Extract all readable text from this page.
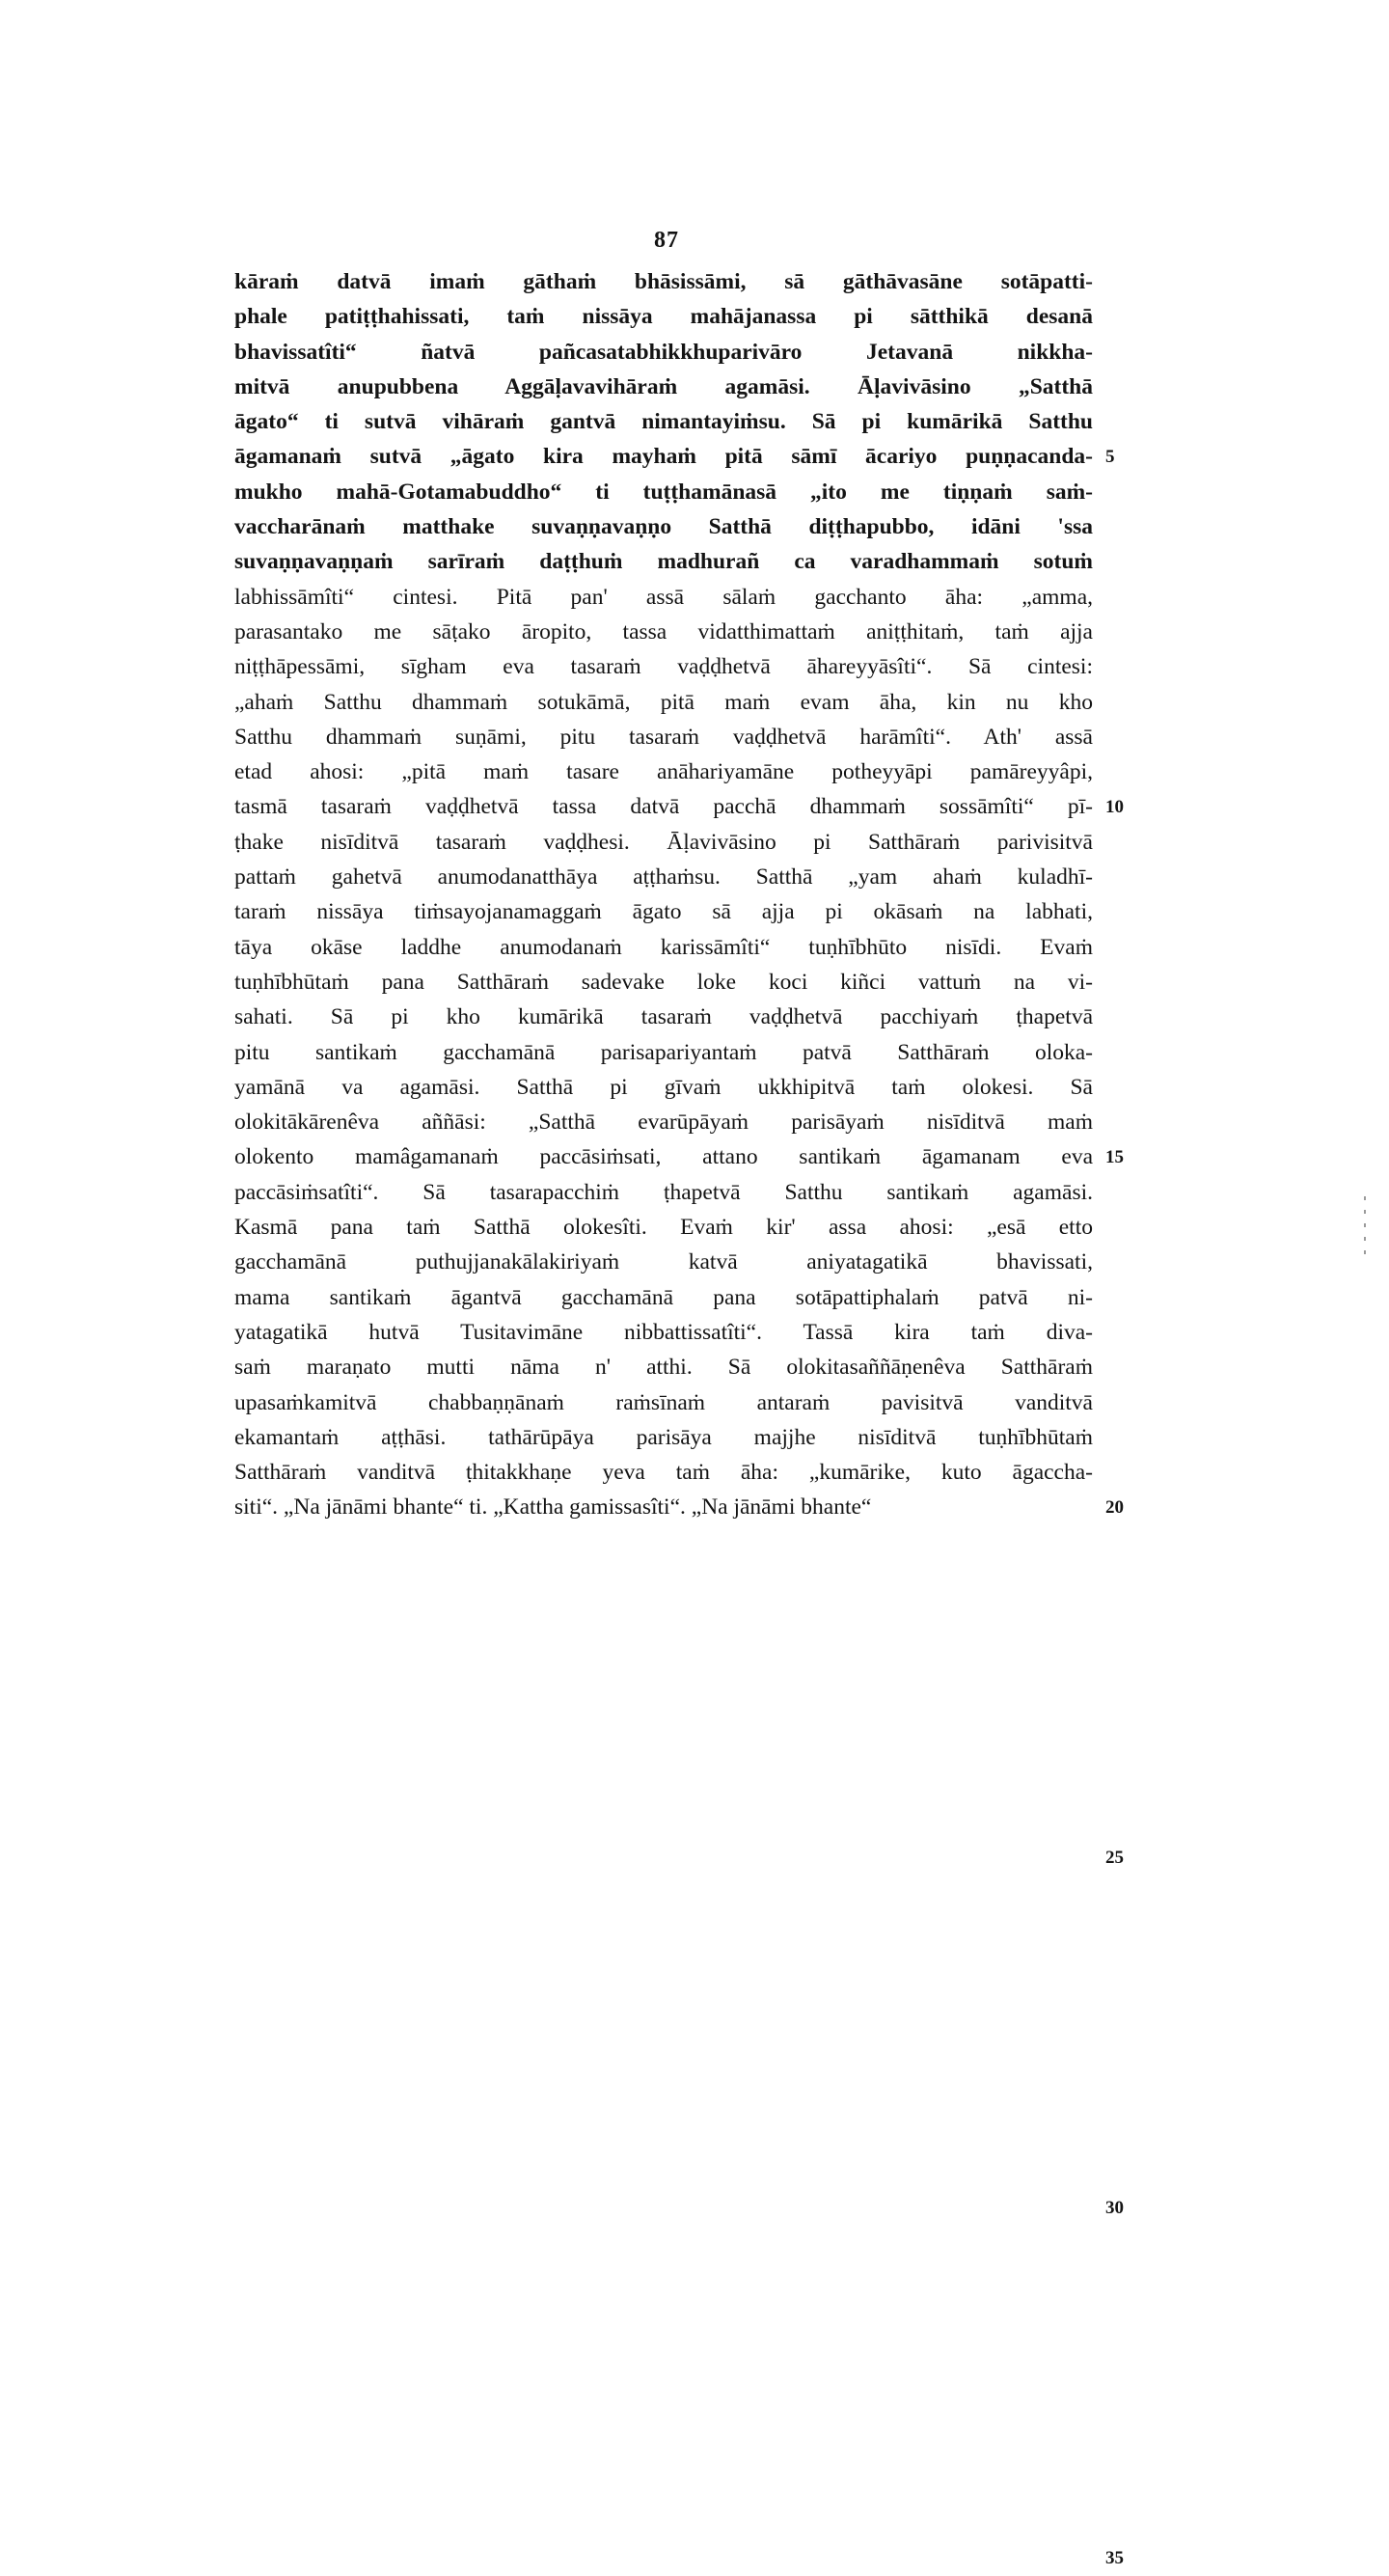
87
kāraṁ datvā imaṁ gāthaṁ bhāsissāmi, sā gāthāvasāne sotāpatti-
phale patiṭṭhahissati, taṁ nissāya mahājanassa pi sātthikā desanā
bhavissatîti“ ñatvā pañcasatabhikkhuparivāro Jetavanā nikkha-
mitvā anupubbena Aggāḷavavihāraṁ agamāsi. Āḷavivāsino „Satthā
āgato“ ti sutvā vihāraṁ gantvā nimantayiṁsu. Sā pi kumārikā Satthu
āgamanaṁ sutvā „āgato kira mayhaṁ pitā sāmī ācariyo puṇṇacanda-
mukho mahā-Gotamabuddho“ ti tuṭṭhamānasā „ito me tiṇṇaṁ saṁ-
vaccharānaṁ matthake suvaṇṇavaṇṇo Satthā diṭṭhapubbo, idāni 'ssa
suvaṇṇavaṇṇaṁ sarīraṁ daṭṭhuṁ madhurañ ca varadhammaṁ sotuṁ
labhissāmîti“ cintesi. Pitā pan' assā sālaṁ gacchanto āha: „amma,
parasantako me sāṭako āropito, tassa vidatthimattaṁ aniṭṭhitaṁ, taṁ ajja
niṭṭhāpessāmi, sīgham eva tasaraṁ vaḍḍhetvā āhareyyāsîti“. Sā cintesi:
„ahaṁ Satthu dhammaṁ sotukāmā, pitā maṁ evam āha, kin nu kho
Satthu dhammaṁ suṇāmi, pitu tasaraṁ vaḍḍhetvā harāmîti“. Ath' assā
etad ahosi: „pitā maṁ tasare anāhariyamāne potheyyāpi pamāreyyâpi,
tasmā tasaraṁ vaḍḍhetvā tassa datvā pacchā dhammaṁ sossāmîti“ pī-
ṭhake nisīditvā tasaraṁ vaḍḍhesi. Āḷavivāsino pi Satthāraṁ parivisitvā
pattaṁ gahetvā anumodanatthāya aṭṭhaṁsu. Satthā „yam ahaṁ kuladhī-
taraṁ nissāya tiṁsayojanamaggaṁ āgato sā ajja pi okāsaṁ na labhati,
tāya okāse laddhe anumodanaṁ karissāmîti“ tuṇhībhūto nisīdi. Evaṁ
tuṇhībhūtaṁ pana Satthāraṁ sadevake loke koci kiñci vattuṁ na vi-
sahati. Sā pi kho kumārikā tasaraṁ vaḍḍhetvā pacchiyaṁ ṭhapetvā
pitu santikaṁ gacchamānā parisapariyantaṁ patvā Satthāraṁ oloka-
yamānā va agamāsi. Satthā pi gīvaṁ ukkhipitvā taṁ olokesi. Sā
olokitākārenêva aññāsi: „Satthā evarūpāyaṁ parisāyaṁ nisīditvā maṁ
olokento mamâgamanaṁ paccāsiṁsati, attano santikaṁ āgamanam eva
paccāsiṁsatîti“. Sā tasarapacchiṁ ṭhapetvā Satthu santikaṁ agamāsi.
Kasmā pana taṁ Satthā olokesîti. Evaṁ kir' assa ahosi: „esā etto
gacchamānā puthujjanakālakiriyaṁ katvā aniyatagatikā bhavissati,
mama santikaṁ āgantvā gacchamānā pana sotāpattiphalaṁ patvā ni-
yatagatikā hutvā Tusitavimāne nibbattissatîti“. Tassā kira taṁ diva-
saṁ maraṇato mutti nāma n' atthi. Sā olokitasaññāṇenêva Satthāraṁ
upasaṁkamitvā chabbaṇṇānaṁ raṁsīnaṁ antaraṁ pavisitvā vanditvā
ekamantaṁ aṭṭhāsi. tathārūpāya parisāya majjhe nisīditvā tuṇhībhūtaṁ
Satthāraṁ vanditvā ṭhitakkhaṇe yeva taṁ āha: „kumārike, kuto āgaccha-
siti“. „Na jānāmi bhante“ ti. „Kattha gamissasîti“. „Na jānāmi bhante“
5
10
15
20
25
30
35
